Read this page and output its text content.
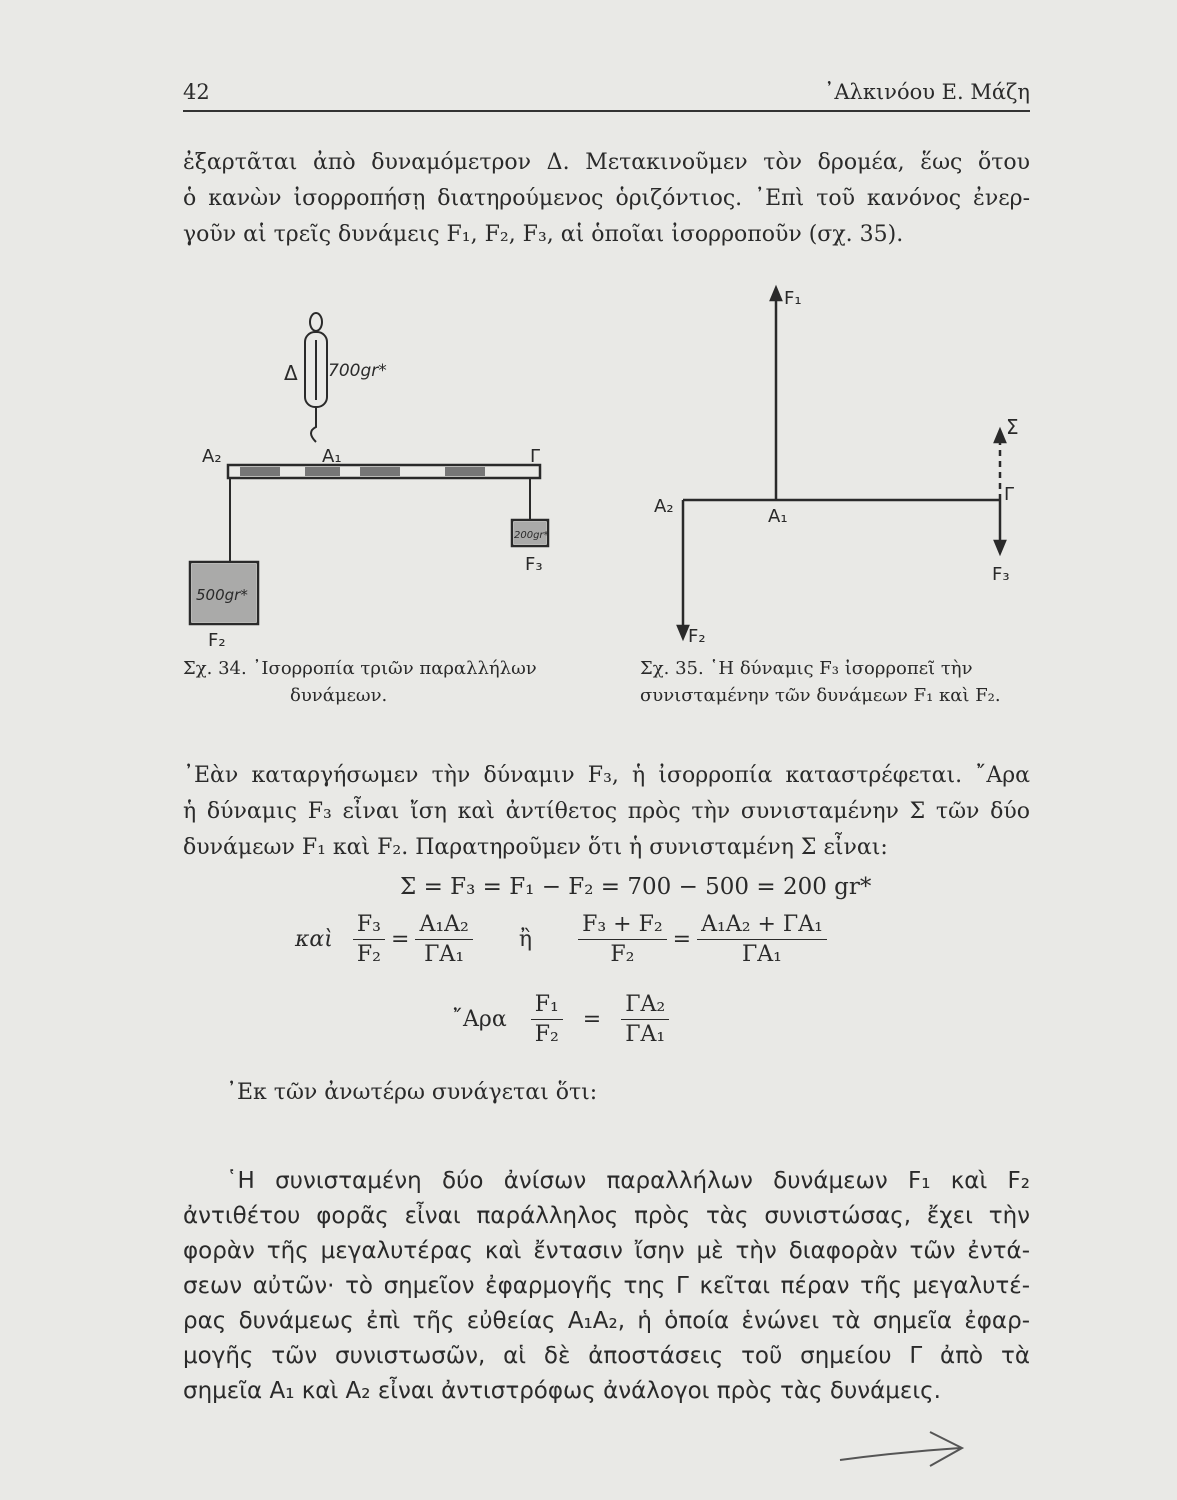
42	᾿Αλκινόου Ε. Μάζη
ἐξαρτᾶται ἀπὸ δυναμόμετρον Δ. Μετακινοῦμεν τὸν δρομέα, ἕως ὅτου
ὁ κανὼν ἰσορροπήσῃ διατηρούμενος ὁριζόντιος. ᾿Επὶ τοῦ κανόνος ἐνερ-
γοῦν αἱ τρεῖς δυνάμεις F₁, F₂, F₃, αἱ ὁποῖαι ἰσορροποῦν (σχ. 35).
Δ 700gr*
A₂	A₁	Γ
500gr*
200gr*
F₂
F₃
F₁
F₂
F₃
A₂	A₁
Γ
Σ
Σχ. 34. ᾿Ισορροπία τριῶν παραλλήλων
δυνάμεων.
Σχ. 35. ῾Η δύναμις F₃ ἰσορροπεῖ τὴν
συνισταμένην τῶν δυνάμεων F₁ καὶ F₂.
᾿Εὰν καταργήσωμεν τὴν δύναμιν F₃, ἡ ἰσορροπία καταστρέφεται. ῎Αρα
ἡ δύναμις F₃ εἶναι ἴση καὶ ἀντίθετος πρὸς τὴν συνισταμένην Σ τῶν δύο
δυνάμεων F₁ καὶ F₂. Παρατηροῦμεν ὅτι ἡ συνισταμένη Σ εἶναι:
Σ = F₃ = F₁ − F₂ = 700 − 500 = 200 gr*
καὶ $\frac{\text{F₃}}{\text{F₂}} = \frac{\text{A₁A₂}}{\text{ΓA₁}}$ ἢ $\frac{\text{F₃ + F₂}}{\text{F₂}} = \frac{\text{A₁A₂ + ΓA₁}}{\text{ΓA₁}}$
῎Αρα $\frac{\text{F₁}}{\text{F₂}} = \frac{\text{ΓA₂}}{\text{ΓA₁}}$
᾿Εκ τῶν ἀνωτέρω συνάγεται ὅτι:
῾Η συνισταμένη δύο ἀνίσων παραλλήλων δυνάμεων F₁ καὶ F₂
ἀντιθέτου φορᾶς εἶναι παράλληλος πρὸς τὰς συνιστώσας, ἔχει τὴν
φορὰν τῆς μεγαλυτέρας καὶ ἔντασιν ἴσην μὲ τὴν διαφορὰν τῶν ἐντά-
σεων αὐτῶν· τὸ σημεῖον ἐφαρμογῆς της Γ κεῖται πέραν τῆς μεγαλυτέ-
ρας δυνάμεως ἐπὶ τῆς εὐθείας A₁A₂, ἡ ὁποία ἑνώνει τὰ σημεῖα ἐφαρ-
μογῆς τῶν συνιστωσῶν, αἱ δὲ ἀποστάσεις τοῦ σημείου Γ ἀπὸ τὰ
σημεῖα A₁ καὶ A₂ εἶναι ἀντιστρόφως ἀνάλογοι πρὸς τὰς δυνάμεις.
